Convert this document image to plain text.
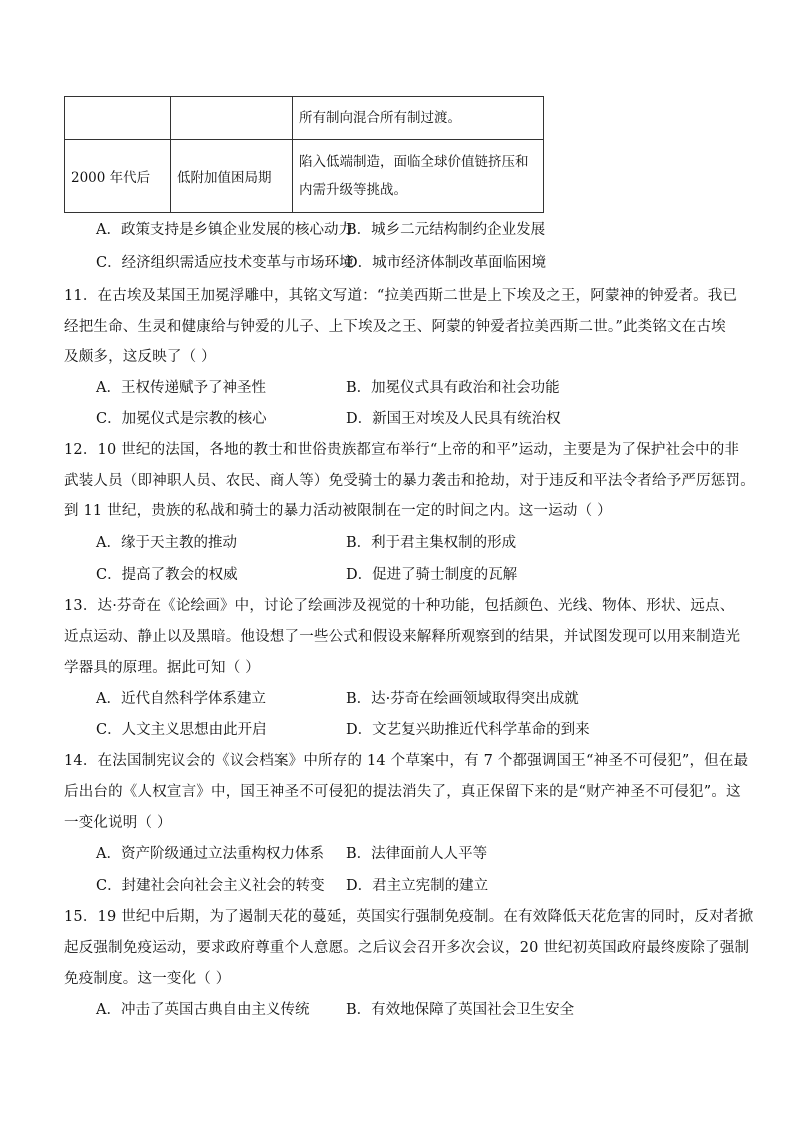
		所有制向混合所有制过渡。
2000 年代后	低附加值困局期	陷入低端制造，面临全球价值链挤压和
内需升级等挑战。
A．政策支持是乡镇企业发展的核心动力
B．城乡二元结构制约企业发展
C．经济组织需适应技术变革与市场环境
D．城市经济体制改革面临困境
11．在古埃及某国王加冕浮雕中，其铭文写道：“拉美西斯二世是上下埃及之王，阿蒙神的钟爱者。我已
经把生命、生灵和健康给与钟爱的儿子、上下埃及之王、阿蒙的钟爱者拉美西斯二世。”此类铭文在古埃
及颇多，这反映了（ ）
A．王权传递赋予了神圣性	B．加冕仪式具有政治和社会功能
C．加冕仪式是宗教的核心	D．新国王对埃及人民具有统治权
12．10 世纪的法国，各地的教士和世俗贵族都宣布举行“上帝的和平”运动，主要是为了保护社会中的非
武装人员（即神职人员、农民、商人等）免受骑士的暴力袭击和抢劫，对于违反和平法令者给予严厉惩罚。
到 11 世纪，贵族的私战和骑士的暴力活动被限制在一定的时间之内。这一运动（ ）
A．缘于天主教的推动	B．利于君主集权制的形成
C．提高了教会的权威	D．促进了骑士制度的瓦解
13．达·芬奇在《论绘画》中，讨论了绘画涉及视觉的十种功能，包括颜色、光线、物体、形状、远点、
近点运动、静止以及黑暗。他设想了一些公式和假设来解释所观察到的结果，并试图发现可以用来制造光
学器具的原理。据此可知（ ）
A．近代自然科学体系建立	B．达·芬奇在绘画领域取得突出成就
C．人文主义思想由此开启	D．文艺复兴助推近代科学革命的到来
14．在法国制宪议会的《议会档案》中所存的 14 个草案中，有 7 个都强调国王“神圣不可侵犯”，但在最
后出台的《人权宣言》中，国王神圣不可侵犯的提法消失了，真正保留下来的是“财产神圣不可侵犯”。这
一变化说明（ ）
A．资产阶级通过立法重构权力体系 B．法律面前人人平等
C．封建社会向社会主义社会的转变 D．君主立宪制的建立
15．19 世纪中后期，为了遏制天花的蔓延，英国实行强制免疫制。在有效降低天花危害的同时，反对者掀
起反强制免疫运动，要求政府尊重个人意愿。之后议会召开多次会议，20 世纪初英国政府最终废除了强制
免疫制度。这一变化（ ）
A．冲击了英国古典自由主义传统	B．有效地保障了英国社会卫生安全
